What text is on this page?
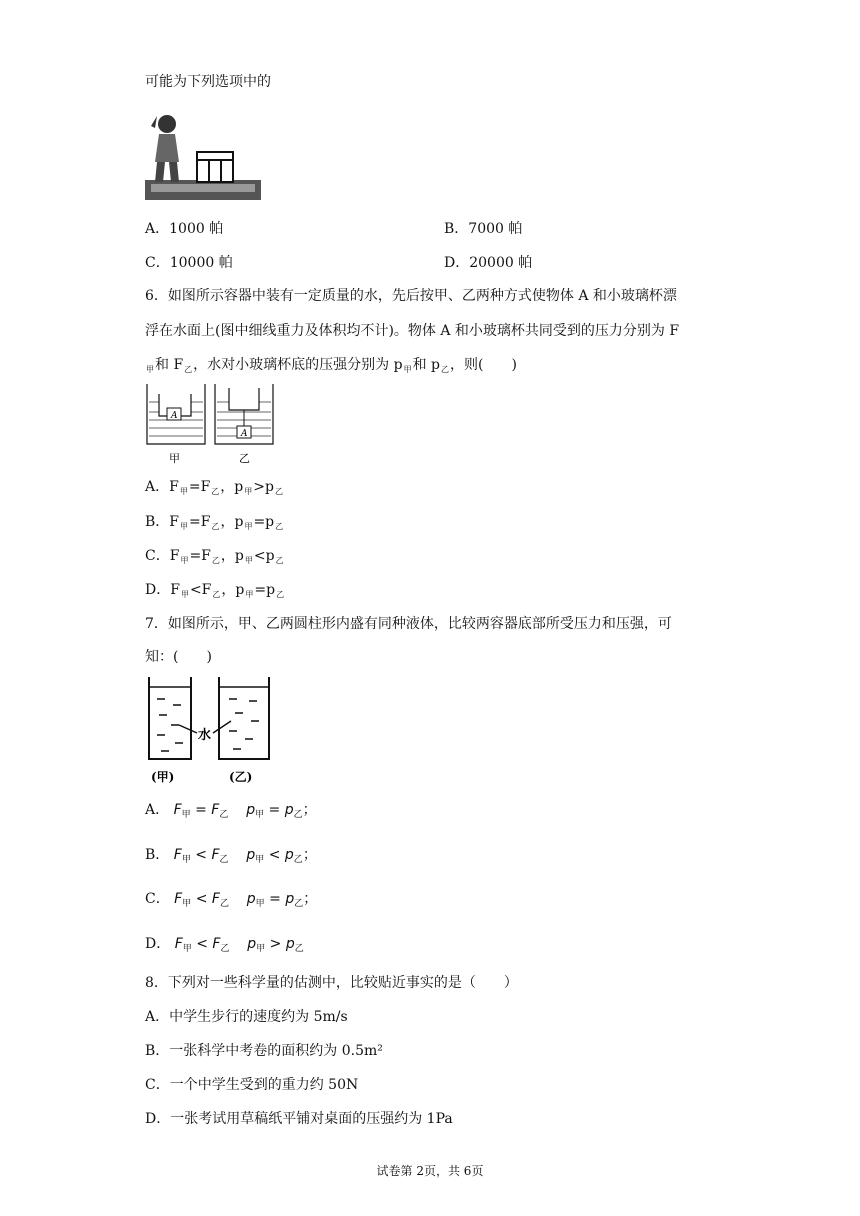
可能为下列选项中的
A．1000 帕	B．7000 帕
C．10000 帕	D．20000 帕
6．如图所示容器中装有一定质量的水，先后按甲、乙两种方式使物体 A 和小玻璃杯漂
浮在水面上(图中细线重力及体积均不计)。物体 A 和小玻璃杯共同受到的压力分别为 F
$_甲$和 $F_乙$，水对小玻璃杯底的压强分别为 $p_甲$和 $p_乙$，则(　　)
A
A
甲	乙
A．$F_甲=F_乙$，$p_甲>p_乙$
B．$F_甲=F_乙$，$p_甲=p_乙$
C．$F_甲=F_乙$，$p_甲<p_乙$
D．$F_甲<F_乙$，$p_甲=p_乙$
7．如图所示，甲、乙两圆柱形内盛有同种液体，比较两容器底部所受压力和压强，可
知：(　　)
水
(甲)	(乙)
A． $F_甲 = F_乙$ $p_甲 = p_乙$；
B． $F_甲 < F_乙$ $p_甲 < p_乙$；
C． $F_甲 < F_乙$ $p_甲 = p_乙$；
D． $F_甲 < F_乙$ $p_甲 > p_乙$
8．下列对一些科学量的估测中，比较贴近事实的是（　　）
A．中学生步行的速度约为 5m/s
B．一张科学中考卷的面积约为 0.5m²
C．一个中学生受到的重力约 50N
D．一张考试用草稿纸平铺对桌面的压强约为 1Pa
试卷第 2页，共 6页
